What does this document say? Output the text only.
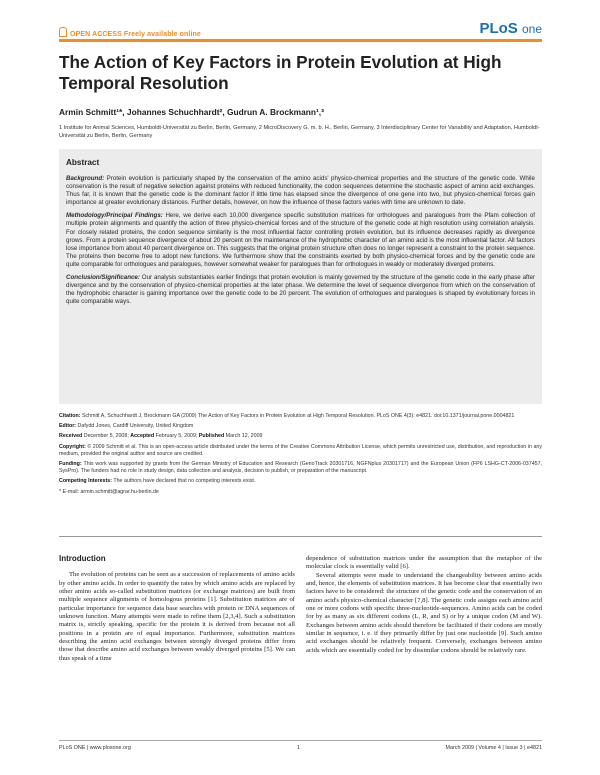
OPEN ACCESS Freely available online	PLoS one
The Action of Key Factors in Protein Evolution at High Temporal Resolution
Armin Schmitt¹*, Johannes Schuchhardt², Gudrun A. Brockmann¹,³
1 Institute for Animal Sciences, Humboldt-Universität zu Berlin, Berlin, Germany, 2 MicroDiscovery G. m. b. H., Berlin, Germany, 3 Interdisciplinary Center for Variability and Adaptation, Humboldt-Universität zu Berlin, Berlin, Germany
Abstract

Background: Protein evolution is particularly shaped by the conservation of the amino acids' physico-chemical properties and the structure of the genetic code. While conservation is the result of negative selection against proteins with reduced functionality, the codon sequences determine the stochastic aspect of amino acid exchanges. Thus far, it is known that the genetic code is the dominant factor if little time has elapsed since the divergence of one gene into two, but physico-chemical forces gain importance at greater evolutionary distances. Further details, however, on how the influence of these factors varies with time are unknown to date.

Methodology/Principal Findings: Here, we derive each 10,000 divergence specific substitution matrices for orthologues and paralogues from the Pfam collection of multiple protein alignments and quantify the action of three physico-chemical forces and of the structure of the genetic code at high resolution using correlation analysis. For closely related proteins, the codon sequence similarity is the most influential factor controlling protein evolution, but its influence decreases rapidly as divergence grows. From a protein sequence divergence of about 20 percent on the maintenance of the hydrophobic character of an amino acid is the most influential factor. All factors lose importance from about 40 percent divergence on. This suggests that the original protein structure often does no longer represent a constraint to the protein sequence. The proteins then become free to adopt new functions. We furthermore show that the constraints exerted by both physico-chemical forces and by the genetic code are quite comparable for orthologues and paralogues, however somewhat weaker for paralogues than for orthologues in weakly or moderately diverged proteins.

Conclusion/Significance: Our analysis substantiates earlier findings that protein evolution is mainly governed by the structure of the genetic code in the early phase after divergence and by the conservation of physico-chemical properties at the later phase. We determine the level of sequence divergence from which on the conservation of the hydrophobic character is gaining importance over the genetic code to be 20 percent. The evolution of orthologues and paralogues is shaped by evolutionary forces in quite comparable ways.

Citation: Schmitt A, Schuchhardt J, Brockmann GA (2009) The Action of Key Factors in Protein Evolution at High Temporal Resolution. PLoS ONE 4(3): e4821. doi:10.1371/journal.pone.0004821

Editor: Dafydd Jones, Cardiff University, United Kingdom

Received December 5, 2008; Accepted February 5, 2009; Published March 12, 2009

Copyright: © 2009 Schmitt et al. This is an open-access article distributed under the terms of the Creative Commons Attribution License, which permits unrestricted use, distribution, and reproduction in any medium, provided the original author and source are credited.

Funding: This work was supported by grants from the German Ministry of Education and Research (GenoTrack 20301716, NGFNplus 20301717) and the European Union (FP6 LSHG-CT-2006-037457, SysPro). The funders had no role in study design, data collection and analysis, decision to publish, or preparation of the manuscript.

Competing Interests: The authors have declared that no competing interests exist.

* E-mail: armin.schmitt@agrar.hu-berlin.de

Introduction

The evolution of proteins can be seen as a succession of replacements of amino acids by other amino acids. In order to quantify the rates by which amino acids are replaced by other amino acids so-called substitution matrices (or exchange matrices) are built from multiple sequence alignments of homologous proteins [1]. Substitution matrices are of particular importance for sequence data base searches with protein or DNA sequences of unknown function. Many attempts were made to refine them [2,3,4]. Such a substitution matrix is, strictly speaking, specific for the protein it is derived from because not all positions in a protein are of equal importance. Furthermore, substitution matrices describing the amino acid exchanges between strongly diverged proteins differ from those that describe amino acid exchanges between weakly diverged proteins [5]. We can thus speak of a time

dependence of substitution matrices under the assumption that the metaphor of the molecular clock is essentially valid [6].

Several attempts were made to understand the changeability between amino acids and, hence, the elements of substitution matrices. It has become clear that essentially two factors have to be considered: the structure of the genetic code and the conservation of an amino acid's physico-chemical character [7,8]. The genetic code assigns each amino acid one or more codons with specific three-nucleotide-sequences. Amino acids can be coded for by as many as six different codons (L, R, and S) or by a unique codon (M and W). Exchanges between amino acids should therefore be facilitated if their codons are mostly similar in sequence, i. e. if they primarily differ by just one nucleotide [9]. Such amino acid exchanges should be relatively frequent. Conversely, exchanges between amino acids which are essentially coded for by dissimilar codons should be relatively rare.

PLoS ONE | www.plosone.org	1	March 2009 | Volume 4 | Issue 3 | e4821
